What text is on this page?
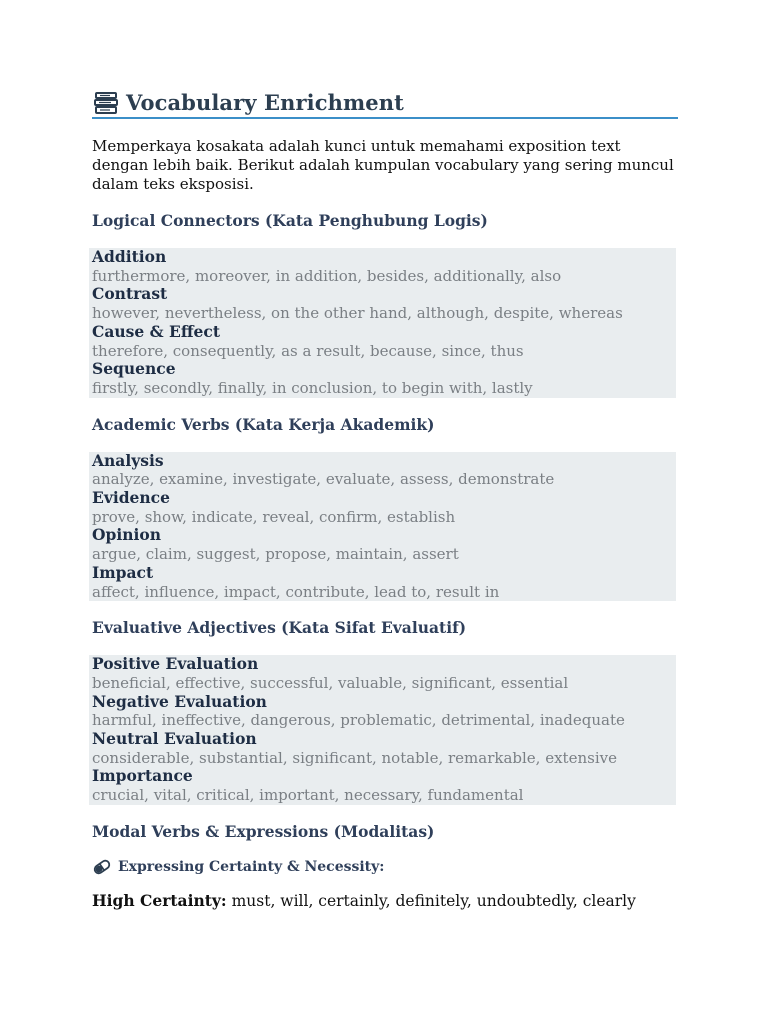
Vocabulary Enrichment

Memperkaya kosakata adalah kunci untuk memahami exposition text dengan lebih baik. Berikut adalah kumpulan vocabulary yang sering muncul dalam teks eksposisi.

Logical Connectors (Kata Penghubung Logis)
Addition
furthermore, moreover, in addition, besides, additionally, also
Contrast
however, nevertheless, on the other hand, although, despite, whereas
Cause & Effect
therefore, consequently, as a result, because, since, thus
Sequence
firstly, secondly, finally, in conclusion, to begin with, lastly
Academic Verbs (Kata Kerja Akademik)
Analysis
analyze, examine, investigate, evaluate, assess, demonstrate
Evidence
prove, show, indicate, reveal, confirm, establish
Opinion
argue, claim, suggest, propose, maintain, assert
Impact
affect, influence, impact, contribute, lead to, result in
Evaluative Adjectives (Kata Sifat Evaluatif)
Positive Evaluation
beneficial, effective, successful, valuable, significant, essential
Negative Evaluation
harmful, ineffective, dangerous, problematic, detrimental, inadequate
Neutral Evaluation
considerable, substantial, significant, notable, remarkable, extensive
Importance
crucial, vital, critical, important, necessary, fundamental
Modal Verbs & Expressions (Modalitas)
Expressing Certainty & Necessity:

High Certainty: must, will, certainly, definitely, undoubtedly, clearly
